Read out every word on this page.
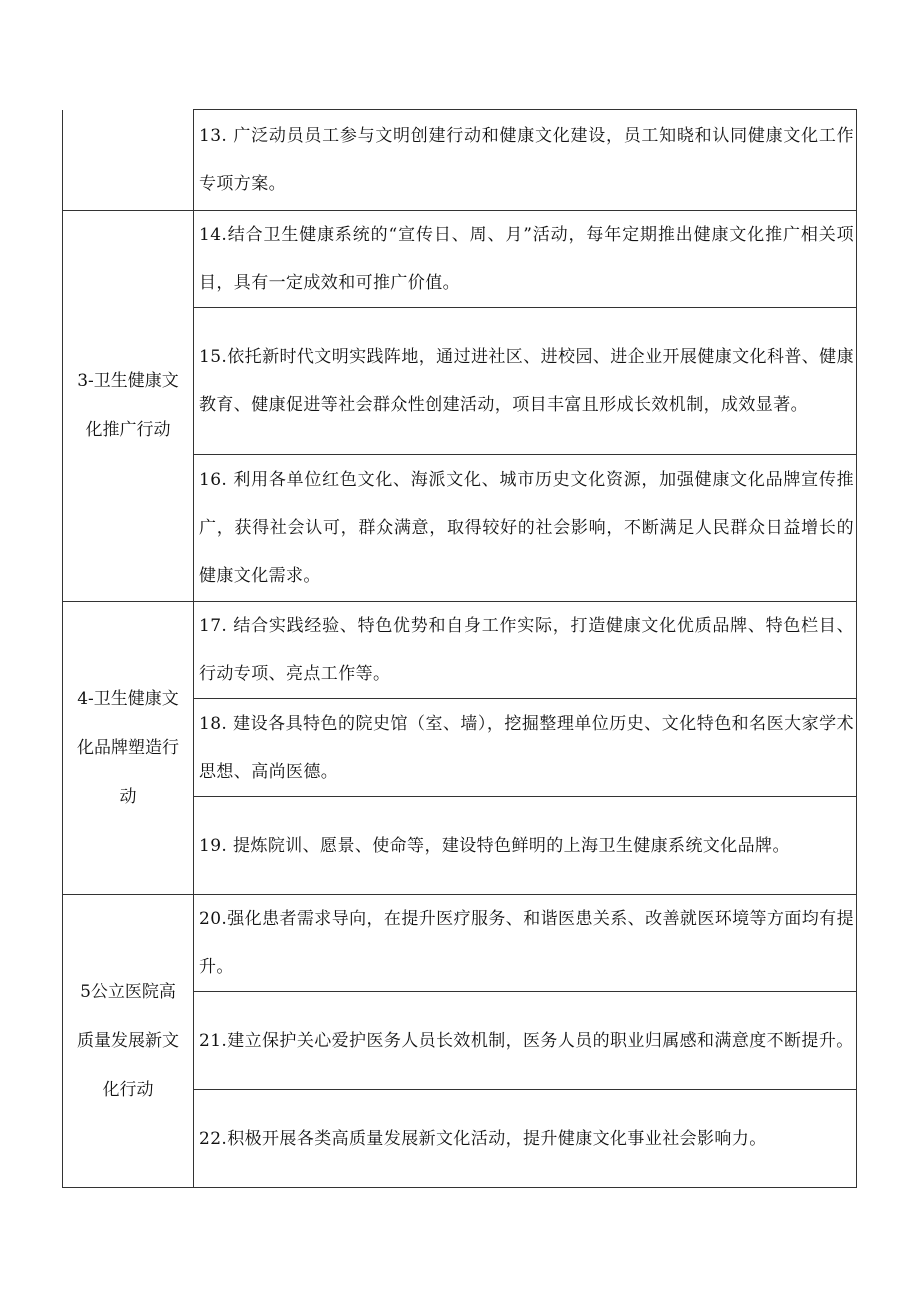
	13. 广泛动员员工参与文明创建行动和健康文化建设，员工知晓和认同健康文化工作专项方案。
3-卫生健康文化推广行动	14.结合卫生健康系统的“宣传日、周、月”活动，每年定期推出健康文化推广相关项目，具有一定成效和可推广价值。
	15.依托新时代文明实践阵地，通过进社区、进校园、进企业开展健康文化科普、健康教育、健康促进等社会群众性创建活动，项目丰富且形成长效机制，成效显著。
	16. 利用各单位红色文化、海派文化、城市历史文化资源，加强健康文化品牌宣传推广，获得社会认可，群众满意，取得较好的社会影响，不断满足人民群众日益增长的健康文化需求。
4-卫生健康文化品牌塑造行动	17. 结合实践经验、特色优势和自身工作实际，打造健康文化优质品牌、特色栏目、行动专项、亮点工作等。
	18. 建设各具特色的院史馆（室、墙），挖掘整理单位历史、文化特色和名医大家学术思想、高尚医德。
	19. 提炼院训、愿景、使命等，建设特色鲜明的上海卫生健康系统文化品牌。
5公立医院高质量发展新文化行动	20.强化患者需求导向，在提升医疗服务、和谐医患关系、改善就医环境等方面均有提升。
	21.建立保护关心爱护医务人员长效机制，医务人员的职业归属感和满意度不断提升。
	22.积极开展各类高质量发展新文化活动，提升健康文化事业社会影响力。
